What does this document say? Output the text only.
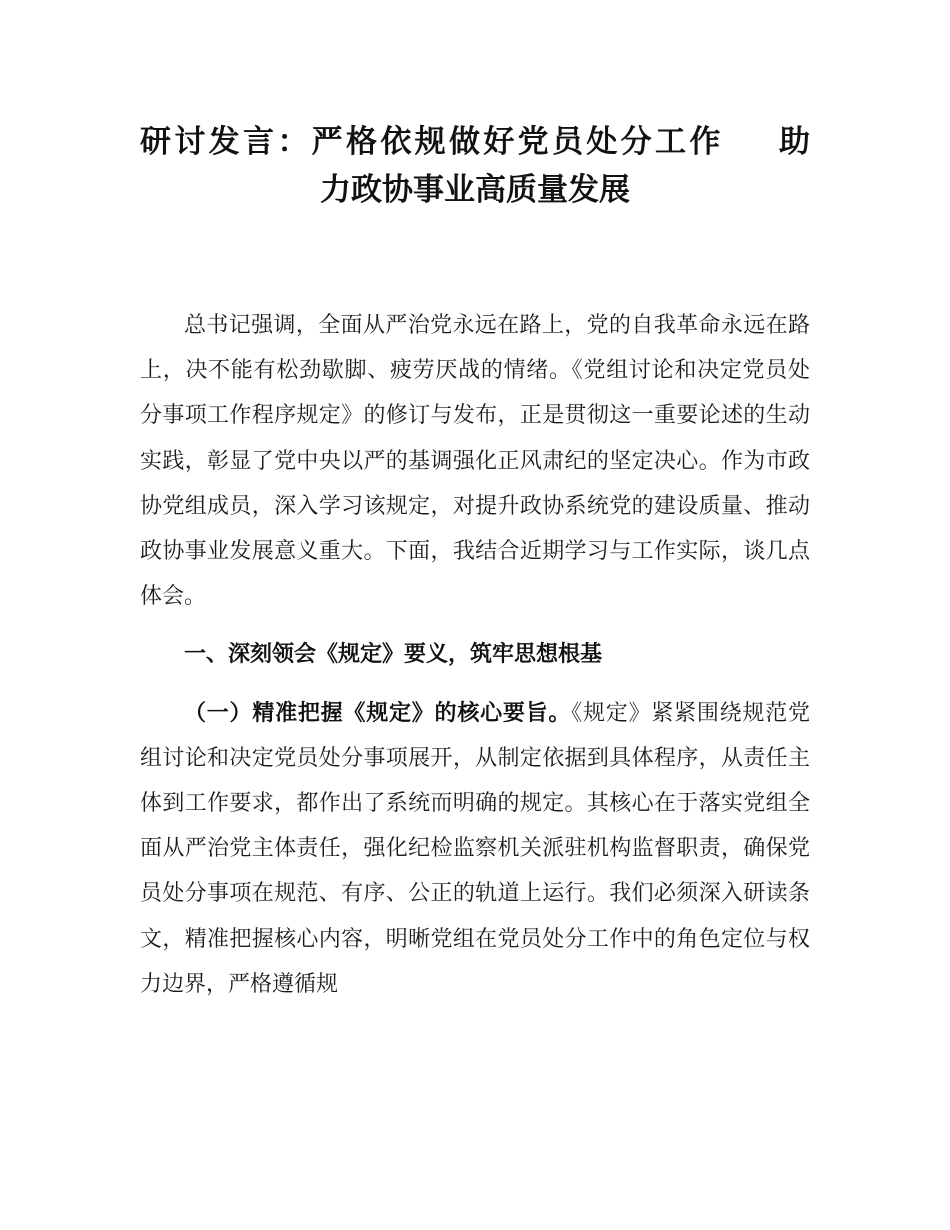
研讨发言：严格依规做好党员处分工作 助
力政协事业高质量发展

总书记强调，全面从严治党永远在路上，党的自我革命永远在路上，决不能有松劲歇脚、疲劳厌战的情绪。《党组讨论和决定党员处分事项工作程序规定》的修订与发布，正是贯彻这一重要论述的生动实践，彰显了党中央以严的基调强化正风肃纪的坚定决心。作为市政协党组成员，深入学习该规定，对提升政协系统党的建设质量、推动政协事业发展意义重大。下面，我结合近期学习与工作实际，谈几点体会。

一、深刻领会《规定》要义，筑牢思想根基

（一）精准把握《规定》的核心要旨。《规定》紧紧围绕规范党组讨论和决定党员处分事项展开，从制定依据到具体程序，从责任主体到工作要求，都作出了系统而明确的规定。其核心在于落实党组全面从严治党主体责任，强化纪检监察机关派驻机构监督职责，确保党员处分事项在规范、有序、公正的轨道上运行。我们必须深入研读条文，精准把握核心内容，明晰党组在党员处分工作中的角色定位与权力边界，严格遵循规
